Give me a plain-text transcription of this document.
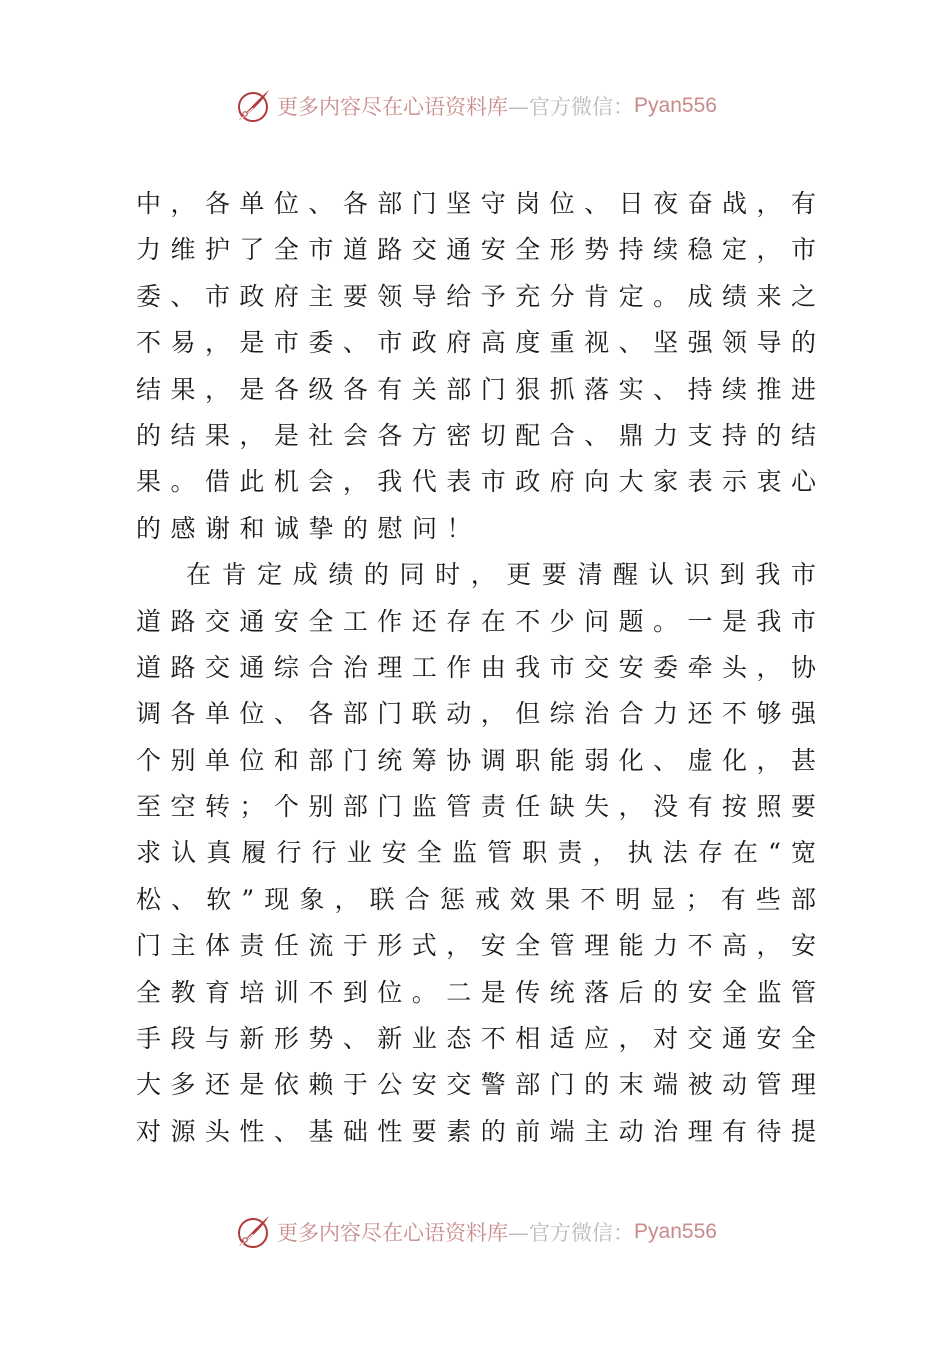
更多内容尽在心语资料库 —官方微信： Pyan556
中，各单位、各部门坚守岗位、日夜奋战，有
力维护了全市道路交通安全形势持续稳定，市
委、市政府主要领导给予充分肯定。成绩来之
不易，是市委、市政府高度重视、坚强领导的
结果，是各级各有关部门狠抓落实、持续推进
的结果，是社会各方密切配合、鼎力支持的结
果。借此机会，我代表市政府向大家表示衷心
的感谢和诚挚的慰问！
在肯定成绩的同时，更要清醒认识到我市
道路交通安全工作还存在不少问题。一是我市
道路交通综合治理工作由我市交安委牵头，协
调各单位、各部门联动，但综治合力还不够强
个别单位和部门统筹协调职能弱化、虚化，甚
至空转；个别部门监管责任缺失，没有按照要
求认真履行行业安全监管职责，执法存在“宽
松、软”现象，联合惩戒效果不明显；有些部
门主体责任流于形式，安全管理能力不高，安
全教育培训不到位。二是传统落后的安全监管
手段与新形势、新业态不相适应，对交通安全
大多还是依赖于公安交警部门的末端被动管理
对源头性、基础性要素的前端主动治理有待提
更多内容尽在心语资料库 —官方微信： Pyan556
